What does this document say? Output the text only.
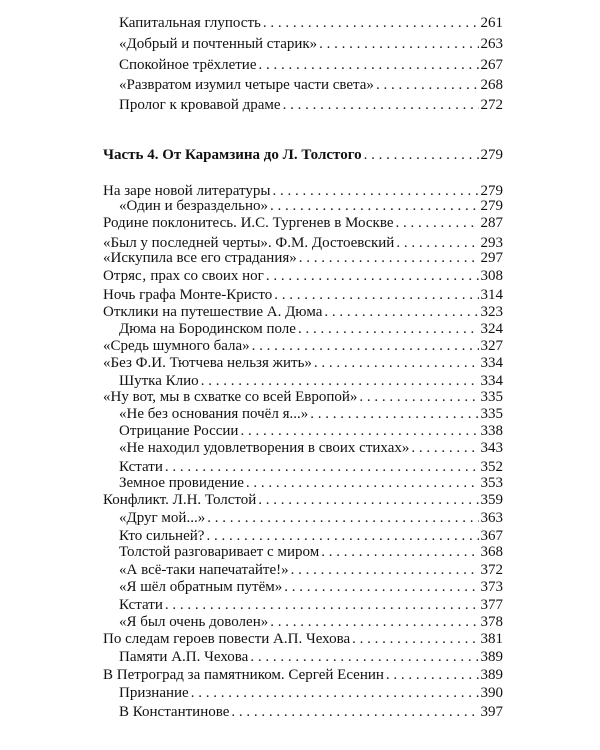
Капитальная глупость . . .	261
«Добрый и почтенный старик» . . .	263
Спокойное трёхлетие . . .	267
«Развратом изумил четыре части света» . . .	268
Пролог к кровавой драме . . .	272
Часть 4. От Карамзина до Л. Толстого . . .	279
На заре новой литературы . . .	279
«Один и безраздельно» . . .	279
Родине поклонитесь. И.С. Тургенев в Москве . . .	287
«Был у последней черты». Ф.М. Достоевский . . .	293
«Искупила все его страдания» . . .	297
Отряс‚ прах со своих ног . . .	308
Ночь графа Монте-Кристо . . .	314
Отклики на путешествие А. Дюма . . .	323
Дюма на Бородинском поле . . .	324
«Средь шумного бала» . . .	327
«Без Ф.И. Тютчева нельзя жить» . . .	334
Шутка Клио . . .	334
«Ну вот, мы в схватке со всей Европой» . . .	335
«Не без основания почёл я...» . . .	335
Отрицание России . . .	338
«Не находил удовлетворения в своих стихах» . . .	343
Кстати . . .	352
Земное провидение . . .	353
Конфликт. Л.Н. Толстой . . .	359
«Друг мой...» . . .	363
Кто сильней? . . .	367
Толстой разговаривает с миром . . .	368
«А всё-таки напечатайте!» . . .	372
«Я шёл обратным путём» . . .	373
Кстати . . .	377
«Я был очень доволен» . . .	378
По следам героев повести А.П. Чехова . . .	381
Памяти А.П. Чехова . . .	389
В Петроград за памятником. Сергей Есенин . . .	389
Признание . . .	390
В Константинове . . .	397
